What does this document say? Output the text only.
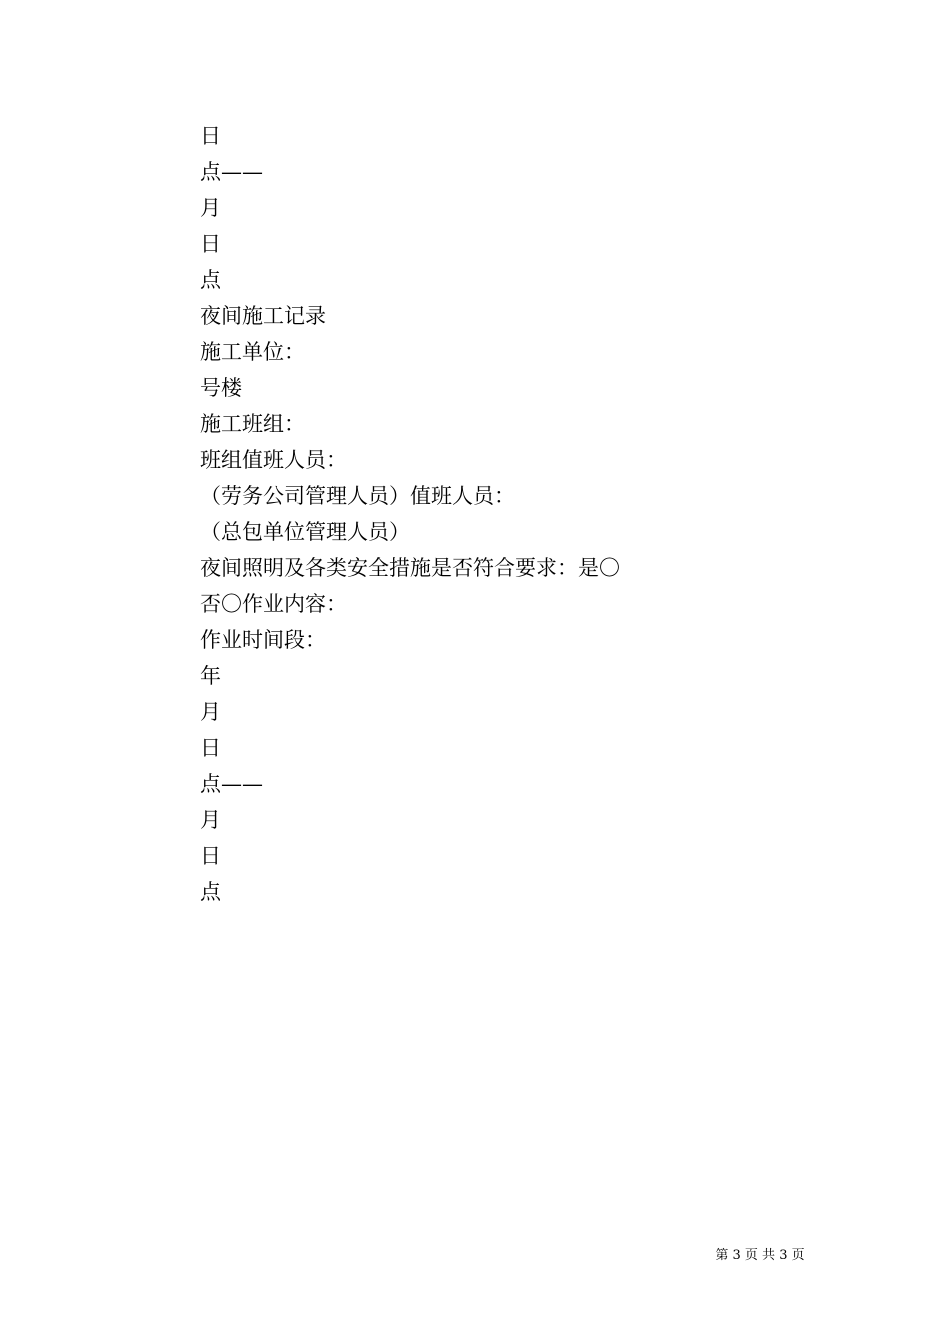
日
点——
月
日
点
夜间施工记录
施工单位：
号楼
施工班组：
班组值班人员：
（劳务公司管理人员）值班人员：
（总包单位管理人员）
夜间照明及各类安全措施是否符合要求：是〇
否〇作业内容：
作业时间段：
年
月
日
点——
月
日
点
第 3 页 共 3 页
